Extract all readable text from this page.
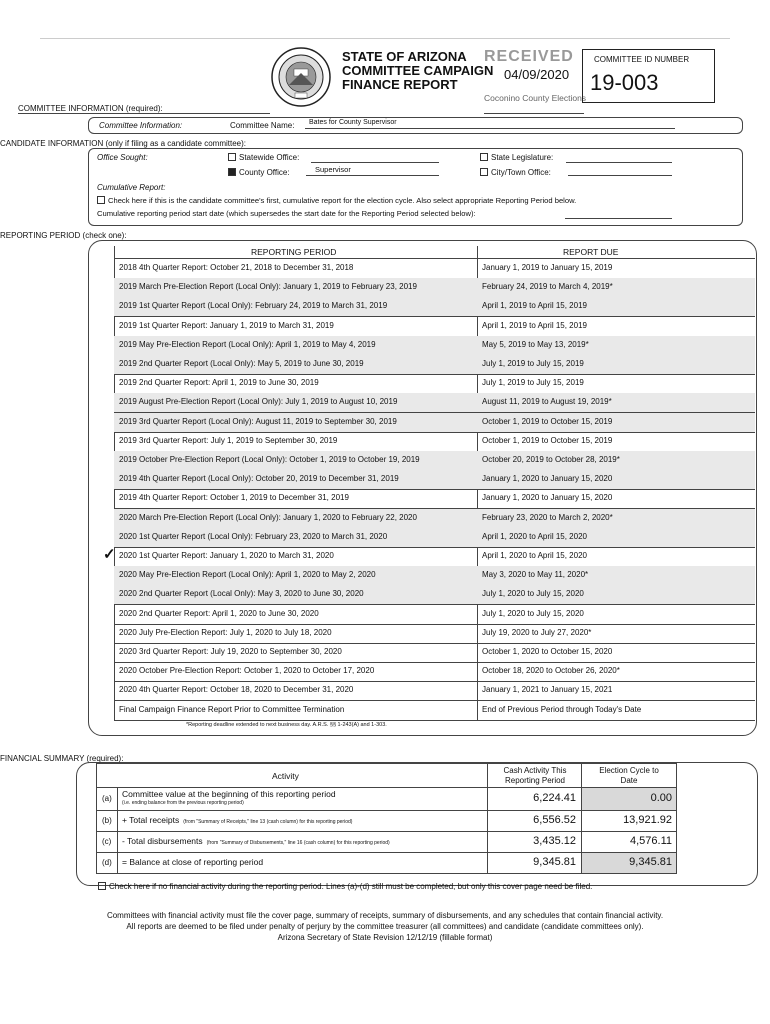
STATE OF ARIZONA
COMMITTEE CAMPAIGN
FINANCE REPORT
RECEIVED
04/09/2020
Coconino County Elections
COMMITTEE ID NUMBER
19-003
COMMITTEE INFORMATION (required):
Committee Information:	Committee Name: Bates for County Supervisor
CANDIDATE INFORMATION (only if filing as a candidate committee):
Office Sought:	Statewide Office:
County Office:	Supervisor
State Legislature:
City/Town Office:
Cumulative Report:
Check here if this is the candidate committee's first, cumulative report for the election cycle. Also select appropriate Reporting Period below.
Cumulative reporting period start date (which supersedes the start date for the Reporting Period selected below):
REPORTING PERIOD (check one):
REPORTING PERIOD	REPORT DUE
2018 4th Quarter Report: October 21, 2018 to December 31, 2018	January 1, 2019 to January 15, 2019
2019 March Pre-Election Report (Local Only): January 1, 2019 to February 23, 2019	February 24, 2019 to March 4, 2019*
2019 1st Quarter Report (Local Only): February 24, 2019 to March 31, 2019	April 1, 2019 to April 15, 2019
2019 1st Quarter Report: January 1, 2019 to March 31, 2019	April 1, 2019 to April 15, 2019
2019 May Pre-Election Report (Local Only): April 1, 2019 to May 4, 2019	May 5, 2019 to May 13, 2019*
2019 2nd Quarter Report (Local Only): May 5, 2019 to June 30, 2019	July 1, 2019 to July 15, 2019
2019 2nd Quarter Report: April 1, 2019 to June 30, 2019	July 1, 2019 to July 15, 2019
2019 August Pre-Election Report (Local Only): July 1, 2019 to August 10, 2019	August 11, 2019 to August 19, 2019*
2019 3rd Quarter Report (Local Only): August 11, 2019 to September 30, 2019	October 1, 2019 to October 15, 2019
2019 3rd Quarter Report: July 1, 2019 to September 30, 2019	October 1, 2019 to October 15, 2019
2019 October Pre-Election Report (Local Only): October 1, 2019 to October 19, 2019	October 20, 2019 to October 28, 2019*
2019 4th Quarter Report (Local Only): October 20, 2019 to December 31, 2019	January 1, 2020 to January 15, 2020
2019 4th Quarter Report: October 1, 2019 to December 31, 2019	January 1, 2020 to January 15, 2020
2020 March Pre-Election Report (Local Only): January 1, 2020 to February 22, 2020	February 23, 2020 to March 2, 2020*
2020 1st Quarter Report (Local Only): February 23, 2020 to March 31, 2020	April 1, 2020 to April 15, 2020
2020 1st Quarter Report: January 1, 2020 to March 31, 2020	April 1, 2020 to April 15, 2020
2020 May Pre-Election Report (Local Only): April 1, 2020 to May 2, 2020	May 3, 2020 to May 11, 2020*
2020 2nd Quarter Report (Local Only): May 3, 2020 to June 30, 2020	July 1, 2020 to July 15, 2020
2020 2nd Quarter Report: April 1, 2020 to June 30, 2020	July 1, 2020 to July 15, 2020
2020 July Pre-Election Report: July 1, 2020 to July 18, 2020	July 19, 2020 to July 27, 2020*
2020 3rd Quarter Report: July 19, 2020 to September 30, 2020	October 1, 2020 to October 15, 2020
2020 October Pre-Election Report: October 1, 2020 to October 17, 2020	October 18, 2020 to October 26, 2020*
2020 4th Quarter Report: October 18, 2020 to December 31, 2020	January 1, 2021 to January 15, 2021
Final Campaign Finance Report Prior to Committee Termination	End of Previous Period through Today's Date
✓
*Reporting deadline extended to next business day. A.R.S. §§ 1-243(A) and 1-303.
FINANCIAL SUMMARY (required):
Activity
Cash Activity This Reporting Period
Election Cycle to Date
(a) Committee value at the beginning of this reporting period
(i.e. ending balance from the previous reporting period)	6,224.41	0.00
(b) + Total receipts (from "Summary of Receipts," line 13 (cash column) for this reporting period)	6,556.52	13,921.92
(c) - Total disbursements (from "Summary of Disbursements," line 16 (cash column) for this reporting period)	3,435.12	4,576.11
(d) = Balance at close of reporting period	9,345.81	9,345.81
Check here if no financial activity during the reporting period. Lines (a)-(d) still must be completed, but only this cover page need be filed.
Committees with financial activity must file the cover page, summary of receipts, summary of disbursements, and any schedules that contain financial activity.
All reports are deemed to be filed under penalty of perjury by the committee treasurer (all committees) and candidate (candidate committees only).
Arizona Secretary of State Revision 12/12/19 (fillable format)
